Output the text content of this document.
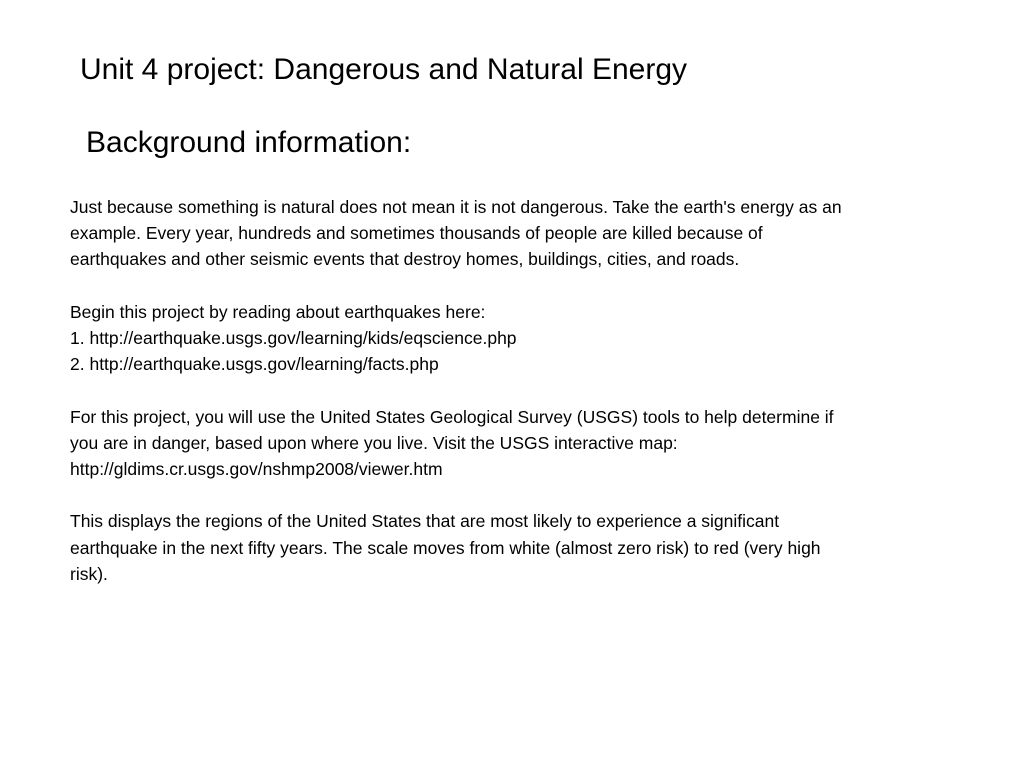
Unit 4 project: Dangerous and Natural Energy
Background information:

Just because something is natural does not mean it is not dangerous. Take the earth's energy as an
example. Every year, hundreds and sometimes thousands of people are killed because of
earthquakes and other seismic events that destroy homes, buildings, cities, and roads.

Begin this project by reading about earthquakes here:
1. http://earthquake.usgs.gov/learning/kids/eqscience.php
2. http://earthquake.usgs.gov/learning/facts.php

For this project, you will use the United States Geological Survey (USGS) tools to help determine if
you are in danger, based upon where you live. Visit the USGS interactive map:
http://gldims.cr.usgs.gov/nshmp2008/viewer.htm

This displays the regions of the United States that are most likely to experience a significant
earthquake in the next fifty years. The scale moves from white (almost zero risk) to red (very high
risk).
